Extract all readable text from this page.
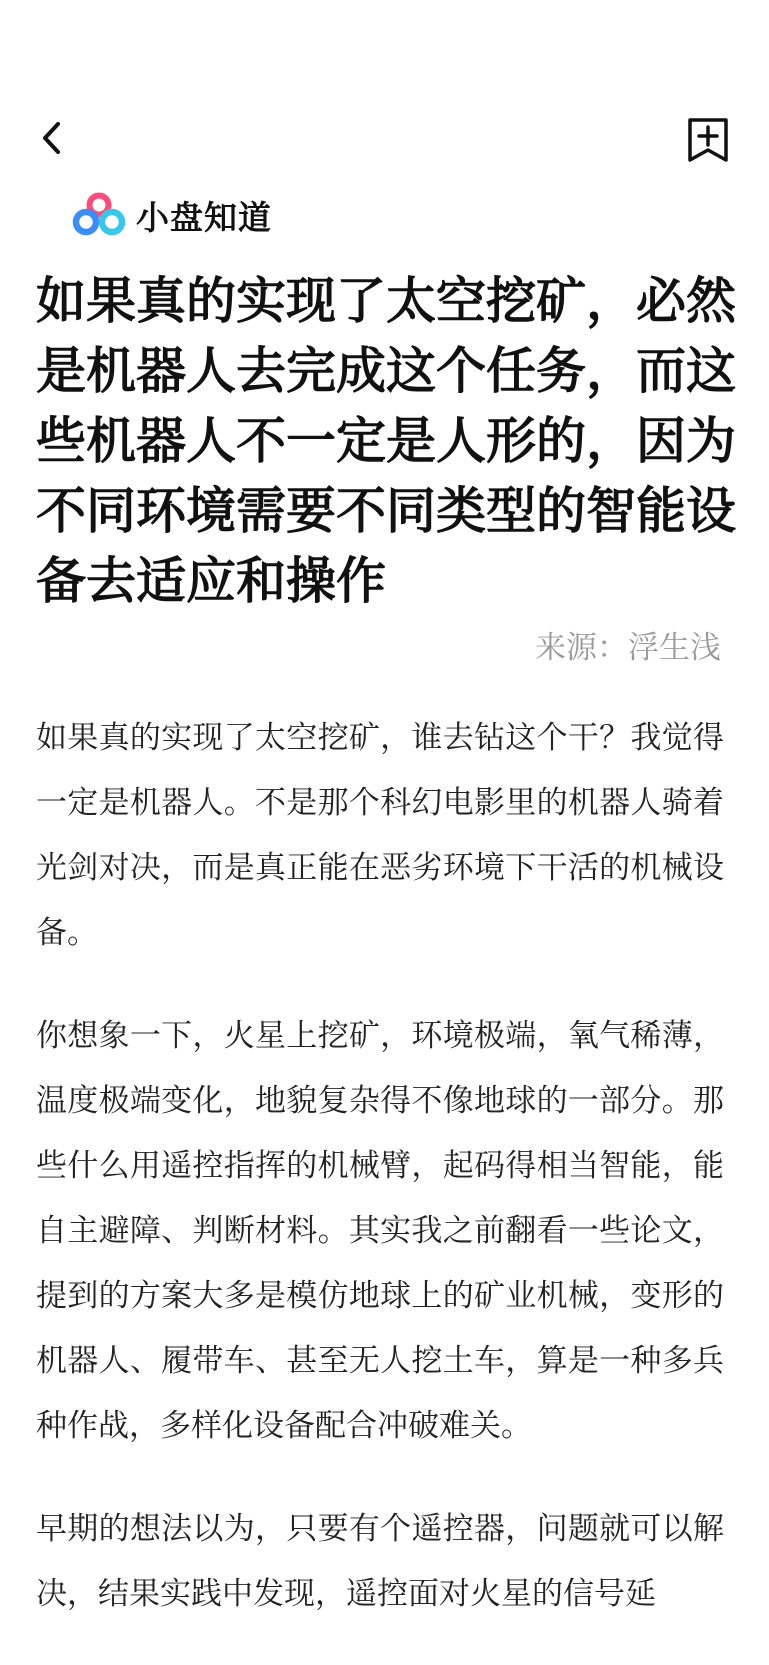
小盘知道
如果真的实现了太空挖矿，必然是机器人去完成这个任务，而这些机器人不一定是人形的，因为不同环境需要不同类型的智能设备去适应和操作
来源：浮生浅

如果真的实现了太空挖矿，谁去钻这个干？我觉得一定是机器人。不是那个科幻电影里的机器人骑着光剑对决，而是真正能在恶劣环境下干活的机械设备。

你想象一下，火星上挖矿，环境极端，氧气稀薄，温度极端变化，地貌复杂得不像地球的一部分。那些什么用遥控指挥的机械臂，起码得相当智能，能自主避障、判断材料。其实我之前翻看一些论文，提到的方案大多是模仿地球上的矿业机械，变形的机器人、履带车、甚至无人挖土车，算是一种多兵种作战，多样化设备配合冲破难关。

早期的想法以为，只要有个遥控器，问题就可以解决，结果实践中发现，遥控面对火星的信号延
